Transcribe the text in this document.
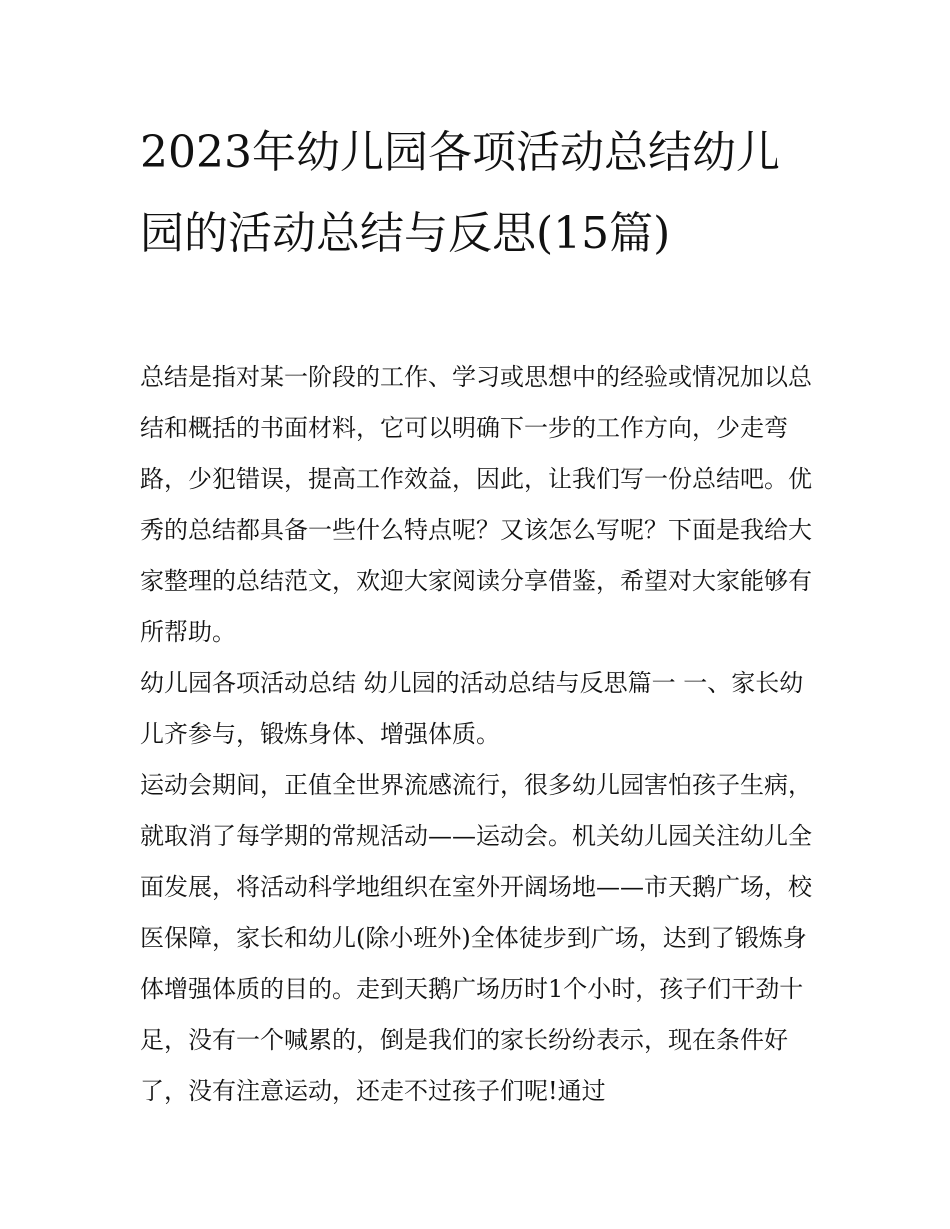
2023年幼儿园各项活动总结幼儿园的活动总结与反思(15篇)

总结是指对某一阶段的工作、学习或思想中的经验或情况加以总结和概括的书面材料，它可以明确下一步的工作方向，少走弯路，少犯错误，提高工作效益，因此，让我们写一份总结吧。优秀的总结都具备一些什么特点呢？又该怎么写呢？下面是我给大家整理的总结范文，欢迎大家阅读分享借鉴，希望对大家能够有所帮助。

幼儿园各项活动总结 幼儿园的活动总结与反思篇一 一、家长幼儿齐参与，锻炼身体、增强体质。

运动会期间，正值全世界流感流行，很多幼儿园害怕孩子生病，就取消了每学期的常规活动——运动会。机关幼儿园关注幼儿全面发展，将活动科学地组织在室外开阔场地——市天鹅广场，校医保障，家长和幼儿(除小班外)全体徒步到广场，达到了锻炼身体增强体质的目的。走到天鹅广场历时1个小时，孩子们干劲十足，没有一个喊累的，倒是我们的家长纷纷表示，现在条件好了，没有注意运动，还走不过孩子们呢!通过
